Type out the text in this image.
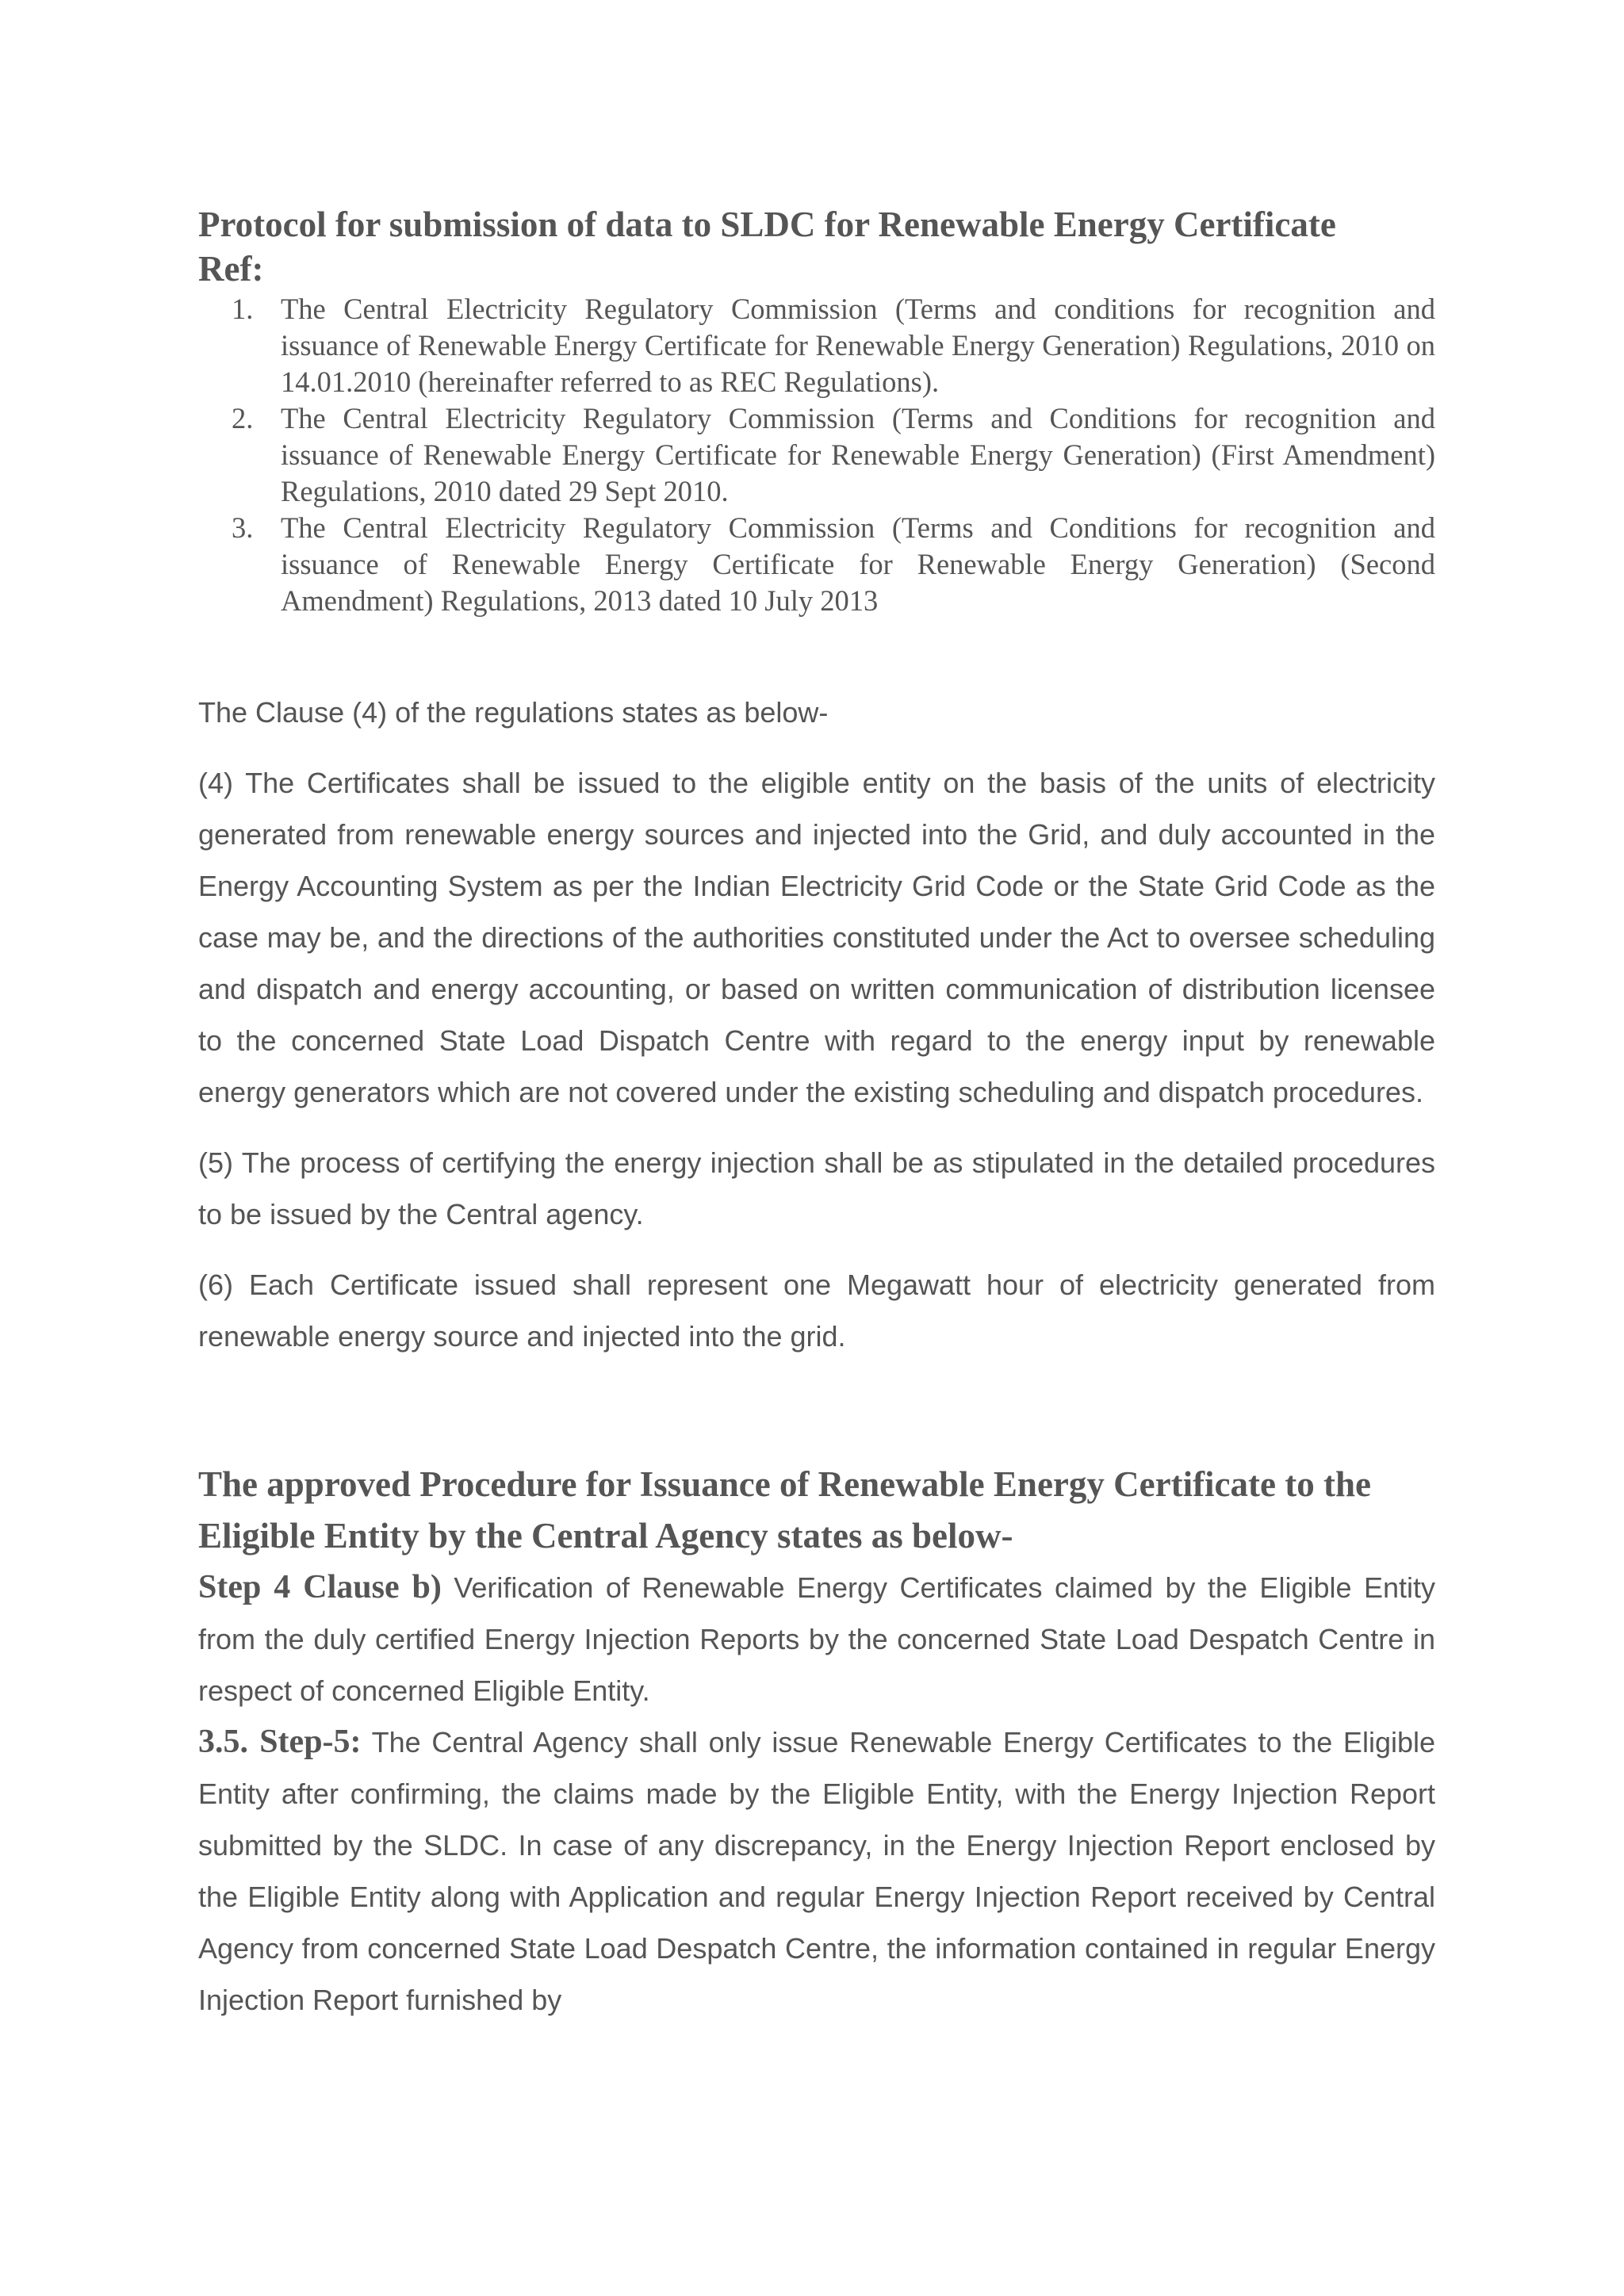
Protocol for submission of data to SLDC for Renewable Energy Certificate
Ref:
1. The Central Electricity Regulatory Commission (Terms and conditions for recognition and issuance of Renewable Energy Certificate for Renewable Energy Generation) Regulations, 2010 on 14.01.2010 (hereinafter referred to as REC Regulations).
2. The Central Electricity Regulatory Commission (Terms and Conditions for recognition and issuance of Renewable Energy Certificate for Renewable Energy Generation) (First Amendment) Regulations, 2010 dated 29 Sept 2010.
3. The Central Electricity Regulatory Commission (Terms and Conditions for recognition and issuance of Renewable Energy Certificate for Renewable Energy Generation) (Second Amendment) Regulations, 2013 dated 10 July 2013

The Clause (4) of the regulations states as below-

(4) The Certificates shall be issued to the eligible entity on the basis of the units of electricity generated from renewable energy sources and injected into the Grid, and duly accounted in the Energy Accounting System as per the Indian Electricity Grid Code or the State Grid Code as the case may be, and the directions of the authorities constituted under the Act to oversee scheduling and dispatch and energy accounting, or based on written communication of distribution licensee to the concerned State Load Dispatch Centre with regard to the energy input by renewable energy generators which are not covered under the existing scheduling and dispatch procedures.

(5) The process of certifying the energy injection shall be as stipulated in the detailed procedures to be issued by the Central agency.

(6) Each Certificate issued shall represent one Megawatt hour of electricity generated from renewable energy source and injected into the grid.

The approved Procedure for Issuance of Renewable Energy Certificate to the Eligible Entity by the Central Agency states as below-

Step 4 Clause b) Verification of Renewable Energy Certificates claimed by the Eligible Entity from the duly certified Energy Injection Reports by the concerned State Load Despatch Centre in respect of concerned Eligible Entity.

3.5. Step-5: The Central Agency shall only issue Renewable Energy Certificates to the Eligible Entity after confirming, the claims made by the Eligible Entity, with the Energy Injection Report submitted by the SLDC. In case of any discrepancy, in the Energy Injection Report enclosed by the Eligible Entity along with Application and regular Energy Injection Report received by Central Agency from concerned State Load Despatch Centre, the information contained in regular Energy Injection Report furnished by
